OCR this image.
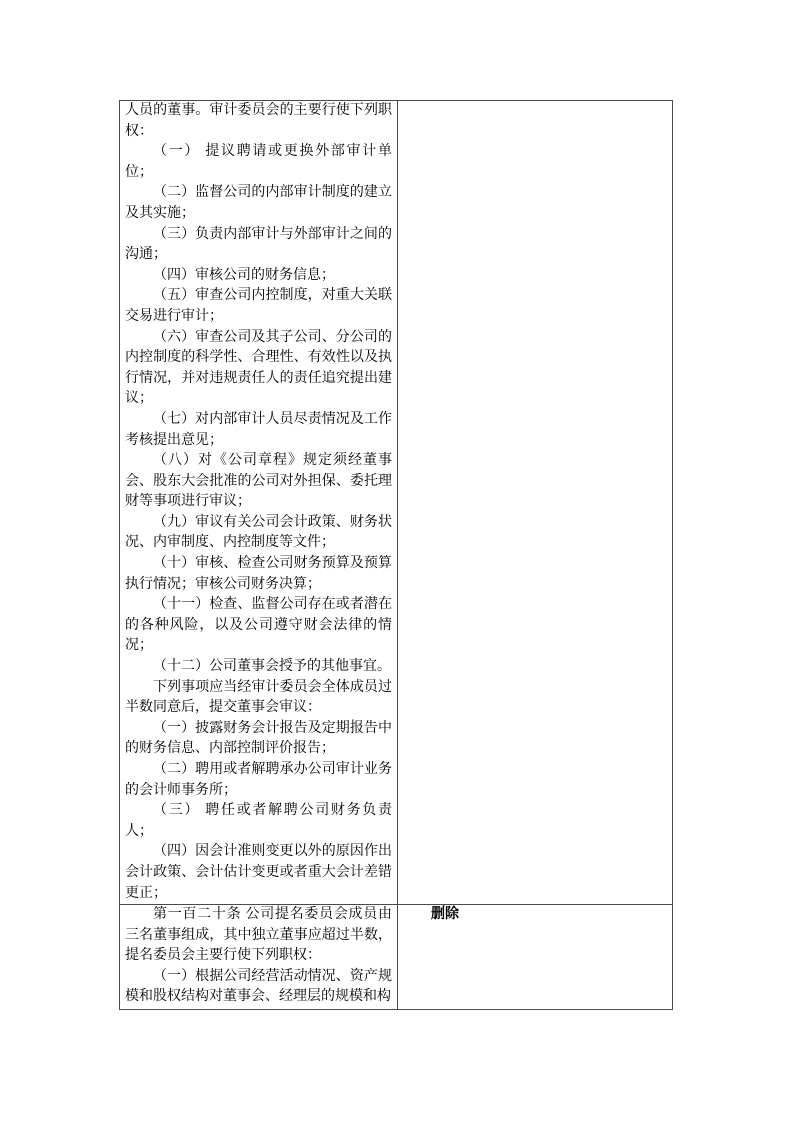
人员的董事。审计委员会的主要行使下列职权：

（一） 提议聘请或更换外部审计单位；

（二）监督公司的内部审计制度的建立及其实施；

（三）负责内部审计与外部审计之间的沟通；

（四）审核公司的财务信息；

（五）审查公司内控制度，对重大关联交易进行审计；

（六）审查公司及其子公司、分公司的内控制度的科学性、合理性、有效性以及执行情况，并对违规责任人的责任追究提出建议；

（七）对内部审计人员尽责情况及工作考核提出意见；

（八）对《公司章程》规定须经董事会、股东大会批准的公司对外担保、委托理财等事项进行审议；

（九）审议有关公司会计政策、财务状况、内审制度、内控制度等文件；

（十）审核、检查公司财务预算及预算执行情况；审核公司财务决算；

（十一）检查、监督公司存在或者潜在的各种风险，以及公司遵守财会法律的情况；

（十二）公司董事会授予的其他事宜。

下列事项应当经审计委员会全体成员过半数同意后，提交董事会审议：

（一）披露财务会计报告及定期报告中的财务信息、内部控制评价报告；

（二）聘用或者解聘承办公司审计业务的会计师事务所；

（三） 聘任或者解聘公司财务负责人；

（四）因会计准则变更以外的原因作出会计政策、会计估计变更或者重大会计差错更正；

第一百二十条 公司提名委员会成员由三名董事组成，其中独立董事应超过半数，提名委员会主要行使下列职权：

（一）根据公司经营活动情况、资产规模和股权结构对董事会、经理层的规模和构

删除
